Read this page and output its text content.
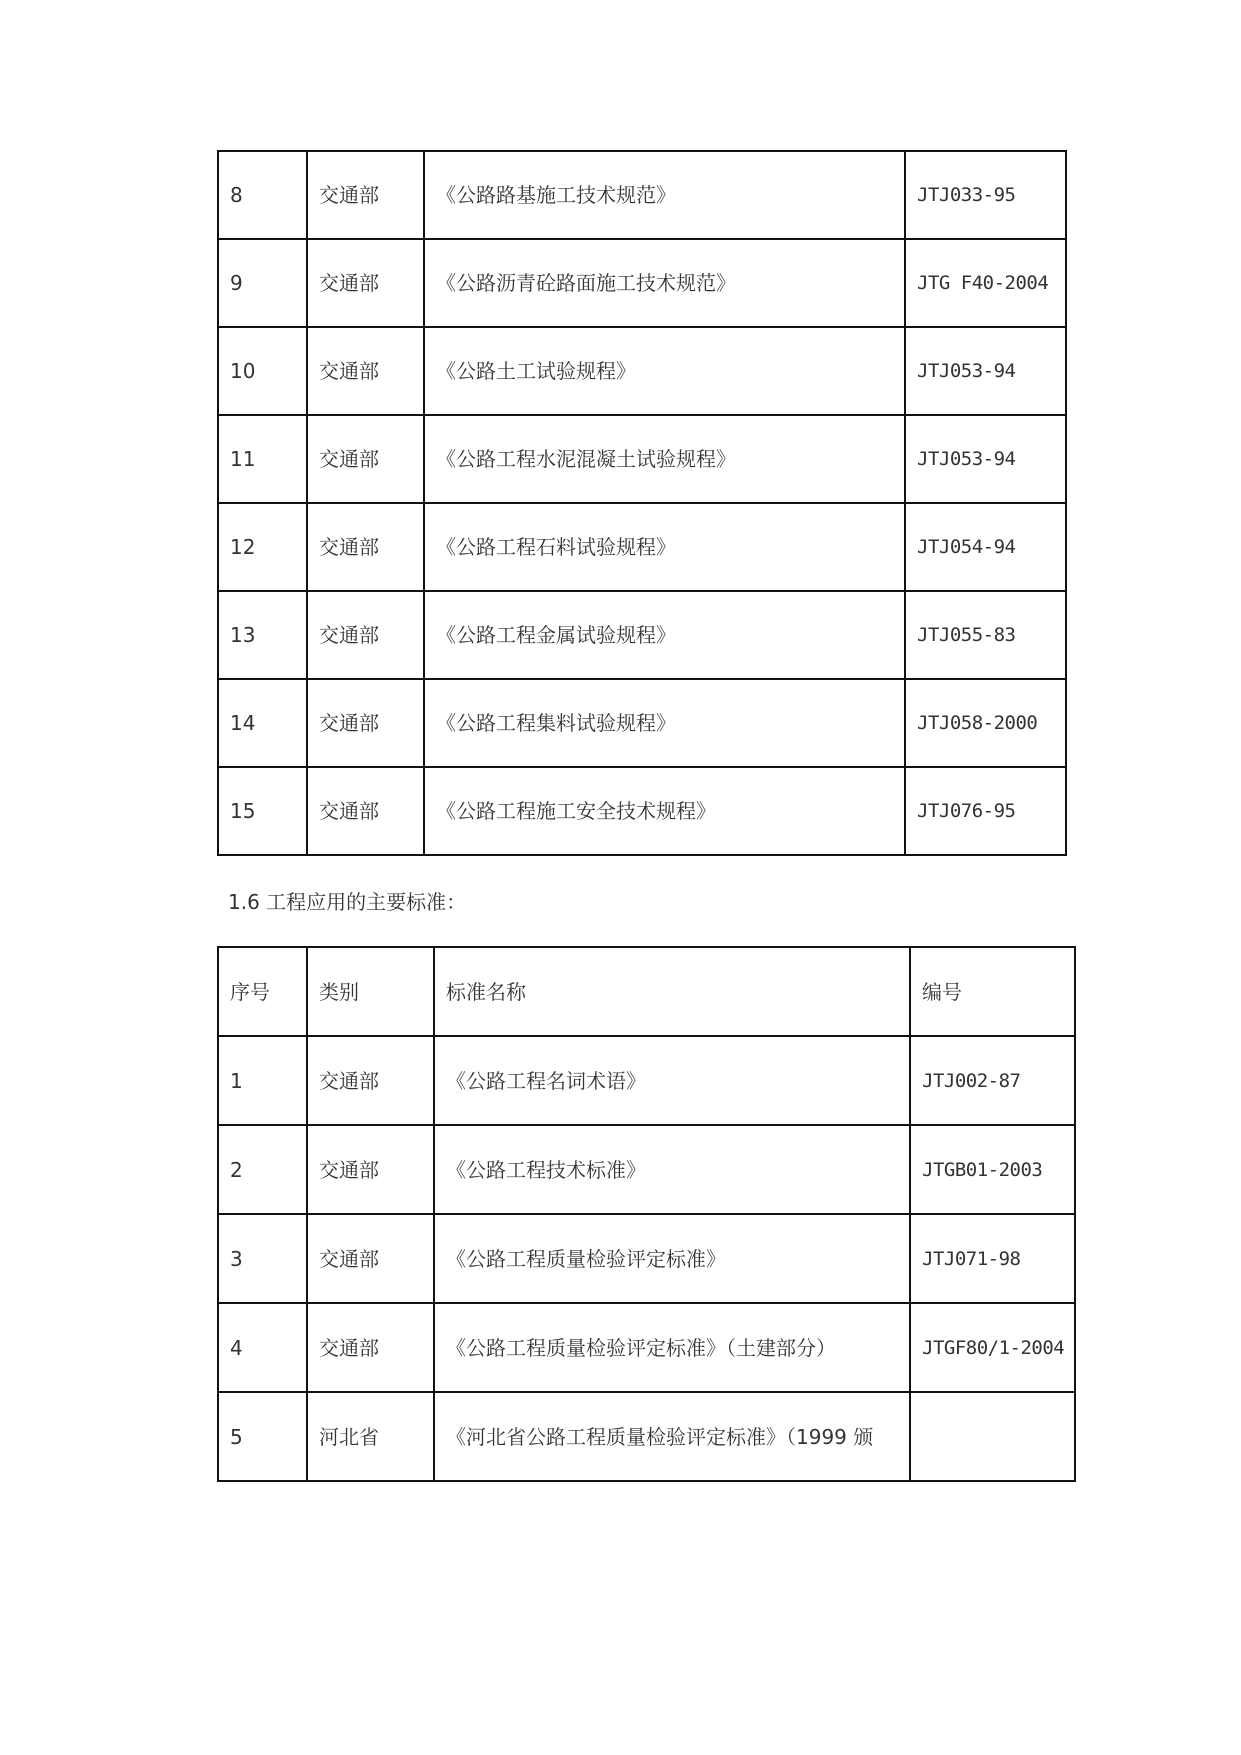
8	交通部	《公路路基施工技术规范》	JTJ033-95
9	交通部	《公路沥青砼路面施工技术规范》	JTG F40-2004
10	交通部	《公路土工试验规程》	JTJ053-94
11	交通部	《公路工程水泥混凝土试验规程》	JTJ053-94
12	交通部	《公路工程石料试验规程》	JTJ054-94
13	交通部	《公路工程金属试验规程》	JTJ055-83
14	交通部	《公路工程集料试验规程》	JTJ058-2000
15	交通部	《公路工程施工安全技术规程》	JTJ076-95
1.6 工程应用的主要标准：
序号	类别	标准名称	编号
1	交通部	《公路工程名词术语》	JTJ002-87
2	交通部	《公路工程技术标准》	JTGB01-2003
3	交通部	《公路工程质量检验评定标准》	JTJ071-98
4	交通部	《公路工程质量检验评定标准》（土建部分）	JTGF80/1-2004
5	河北省	《河北省公路工程质量检验评定标准》（1999 颁	
